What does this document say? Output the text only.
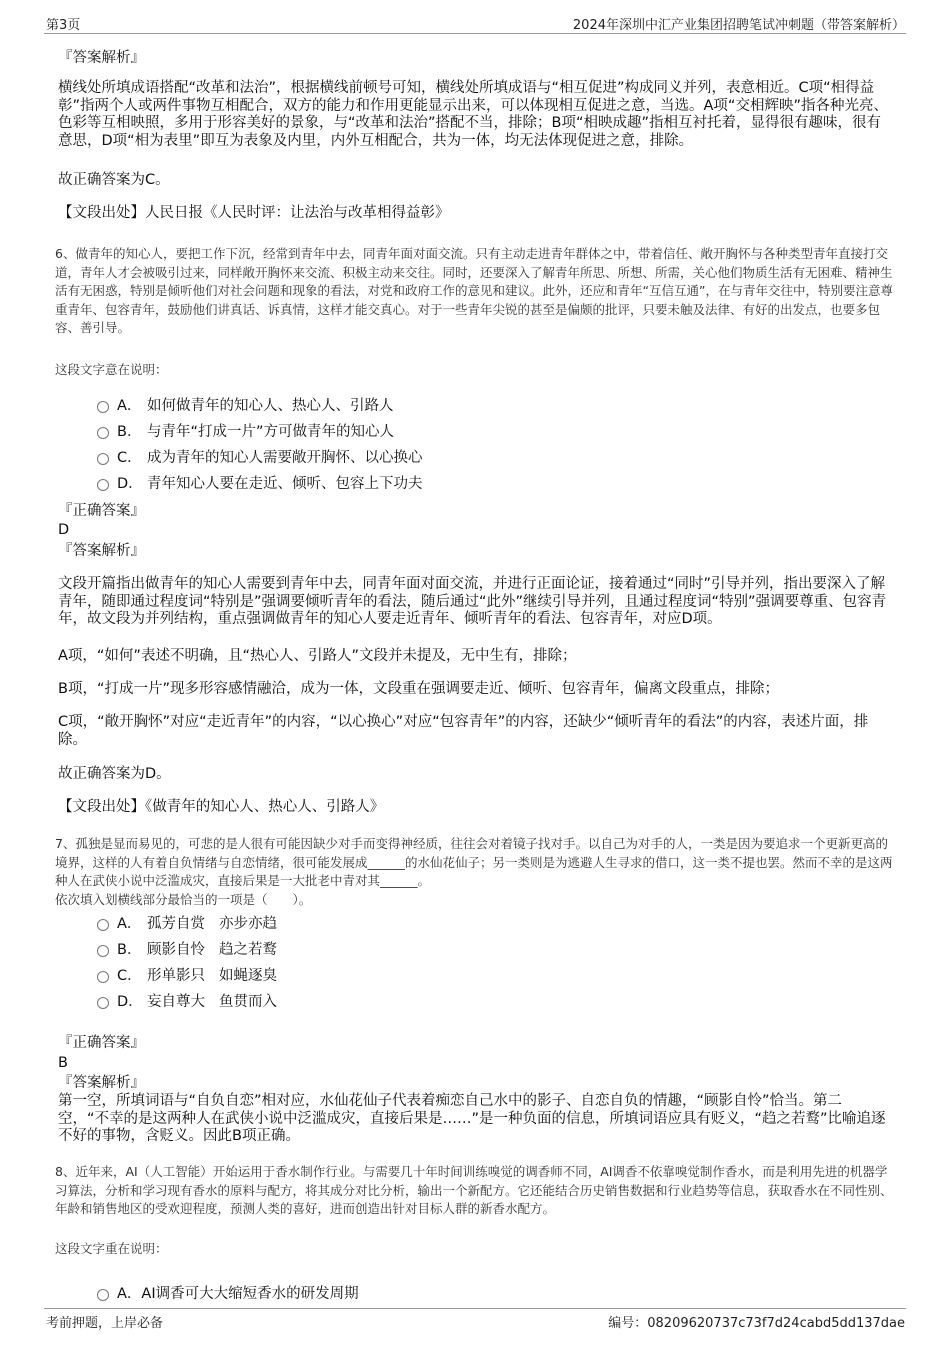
第3页	2024年深圳中汇产业集团招聘笔试冲刺题（带答案解析）
『答案解析』
横线处所填成语搭配“改革和法治”，根据横线前顿号可知，横线处所填成语与“相互促进”构成同义并列，表意相近。C项“相得益彰”指两个人或两件事物互相配合，双方的能力和作用更能显示出来，可以体现相互促进之意，当选。A项“交相辉映”指各种光亮、色彩等互相映照，多用于形容美好的景象，与“改革和法治”搭配不当，排除；B项“相映成趣”指相互衬托着，显得很有趣味，很有意思，D项“相为表里”即互为表象及内里，内外互相配合，共为一体，均无法体现促进之意，排除。
故正确答案为C。
【文段出处】人民日报《人民时评：让法治与改革相得益彰》
6、做青年的知心人，要把工作下沉，经常到青年中去，同青年面对面交流。只有主动走进青年群体之中，带着信任、敞开胸怀与各种类型青年直接打交道，青年人才会被吸引过来，同样敞开胸怀来交流、积极主动来交往。同时，还要深入了解青年所思、所想、所需，关心他们物质生活有无困难、精神生活有无困惑，特别是倾听他们对社会问题和现象的看法，对党和政府工作的意见和建议。此外，还应和青年“互信互通”，在与青年交往中，特别要注意尊重青年、包容青年，鼓励他们讲真话、诉真情，这样才能交真心。对于一些青年尖锐的甚至是偏颇的批评，只要未触及法律、有好的出发点，也要多包容、善引导。
这段文字意在说明：
A． 如何做青年的知心人、热心人、引路人
B． 与青年“打成一片”方可做青年的知心人
C． 成为青年的知心人需要敞开胸怀、以心换心
D． 青年知心人要在走近、倾听、包容上下功夫
『正确答案』
D
『答案解析』
文段开篇指出做青年的知心人需要到青年中去，同青年面对面交流，并进行正面论证，接着通过“同时”引导并列，指出要深入了解青年，随即通过程度词“特别是”强调要倾听青年的看法，随后通过“此外”继续引导并列，且通过程度词“特别”强调要尊重、包容青年，故文段为并列结构，重点强调做青年的知心人要走近青年、倾听青年的看法、包容青年，对应D项。
A项，“如何”表述不明确，且“热心人、引路人”文段并未提及，无中生有，排除；
B项，“打成一片”现多形容感情融洽，成为一体，文段重在强调要走近、倾听、包容青年，偏离文段重点，排除；
C项，“敞开胸怀”对应“走近青年”的内容，“以心换心”对应“包容青年”的内容，还缺少“倾听青年的看法”的内容，表述片面，排除。
故正确答案为D。
【文段出处】《做青年的知心人、热心人、引路人》
7、孤独是显而易见的，可悲的是人很有可能因缺少对手而变得神经质，往往会对着镜子找对手。以自己为对手的人，一类是因为要追求一个更新更高的境界，这样的人有着自负情绪与自恋情绪，很可能发展成______的水仙花仙子；另一类则是为逃避人生寻求的借口，这一类不提也罢。然而不幸的是这两种人在武侠小说中泛滥成灾，直接后果是一大批老中青对其______。
依次填入划横线部分最恰当的一项是（　　）。
A． 孤芳自赏 亦步亦趋
B． 顾影自怜 趋之若鹜
C． 形单影只 如蝇逐臭
D． 妄自尊大 鱼贯而入
『正确答案』
B
『答案解析』
第一空，所填词语与“自负自恋”相对应，水仙花仙子代表着痴恋自己水中的影子、自恋自负的情趣，“顾影自怜”恰当。第二空，“不幸的是这两种人在武侠小说中泛滥成灾，直接后果是……”是一种负面的信息，所填词语应具有贬义，“趋之若鹜”比喻追逐不好的事物，含贬义。因此B项正确。
8、近年来，AI（人工智能）开始运用于香水制作行业。与需要几十年时间训练嗅觉的调香师不同，AI调香不依靠嗅觉制作香水，而是利用先进的机器学习算法，分析和学习现有香水的原料与配方，将其成分对比分析，输出一个新配方。它还能结合历史销售数据和行业趋势等信息，获取香水在不同性别、年龄和销售地区的受欢迎程度，预测人类的喜好，进而创造出针对目标人群的新香水配方。
这段文字重在说明：
A．AI调香可大大缩短香水的研发周期
考前押题，上岸必备	编号：08209620737c73f7d24cabd5dd137dae
